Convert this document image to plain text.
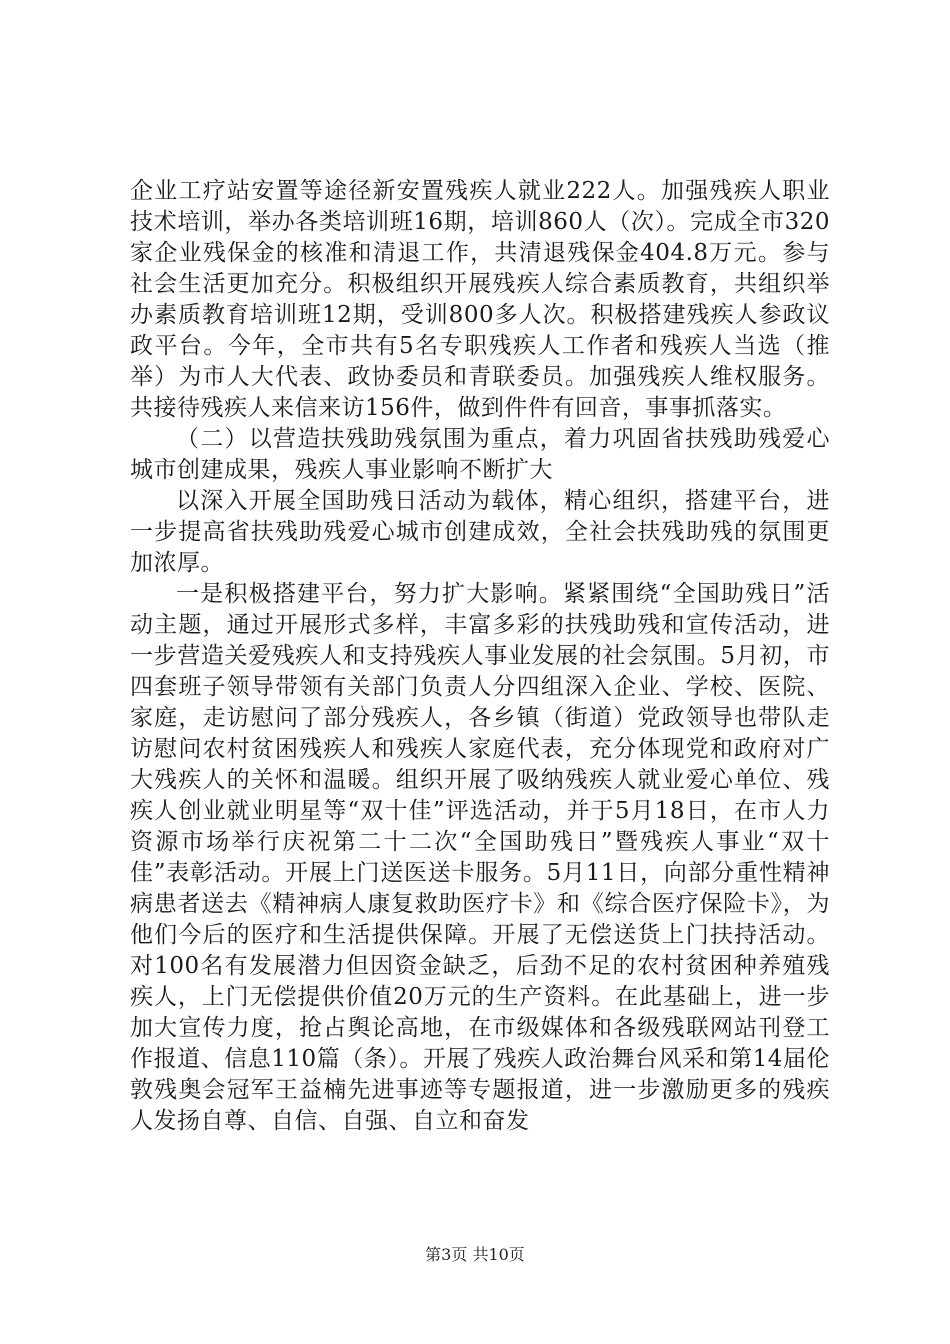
企业工疗站安置等途径新安置残疾人就业222人。加强残疾人职业技术培训，举办各类培训班16期，培训860人（次）。完成全市320家企业残保金的核准和清退工作，共清退残保金404.8万元。参与社会生活更加充分。积极组织开展残疾人综合素质教育，共组织举办素质教育培训班12期，受训800多人次。积极搭建残疾人参政议政平台。今年，全市共有5名专职残疾人工作者和残疾人当选（推举）为市人大代表、政协委员和青联委员。加强残疾人维权服务。共接待残疾人来信来访156件，做到件件有回音，事事抓落实。

（二）以营造扶残助残氛围为重点，着力巩固省扶残助残爱心城市创建成果，残疾人事业影响不断扩大

以深入开展全国助残日活动为载体，精心组织，搭建平台，进一步提高省扶残助残爱心城市创建成效，全社会扶残助残的氛围更加浓厚。

一是积极搭建平台，努力扩大影响。紧紧围绕“全国助残日”活动主题，通过开展形式多样，丰富多彩的扶残助残和宣传活动，进一步营造关爱残疾人和支持残疾人事业发展的社会氛围。5月初，市四套班子领导带领有关部门负责人分四组深入企业、学校、医院、家庭，走访慰问了部分残疾人，各乡镇（街道）党政领导也带队走访慰问农村贫困残疾人和残疾人家庭代表，充分体现党和政府对广大残疾人的关怀和温暖。组织开展了吸纳残疾人就业爱心单位、残疾人创业就业明星等“双十佳”评选活动，并于5月18日，在市人力资源市场举行庆祝第二十二次“全国助残日”暨残疾人事业“双十佳”表彰活动。开展上门送医送卡服务。5月11日，向部分重性精神病患者送去《精神病人康复救助医疗卡》和《综合医疗保险卡》，为他们今后的医疗和生活提供保障。开展了无偿送货上门扶持活动。对100名有发展潜力但因资金缺乏，后劲不足的农村贫困种养殖残疾人，上门无偿提供价值20万元的生产资料。在此基础上，进一步加大宣传力度，抢占舆论高地，在市级媒体和各级残联网站刊登工作报道、信息110篇（条）。开展了残疾人政治舞台风采和第14届伦敦残奥会冠军王益楠先进事迹等专题报道，进一步激励更多的残疾人发扬自尊、自信、自强、自立和奋发

第3页 共10页
